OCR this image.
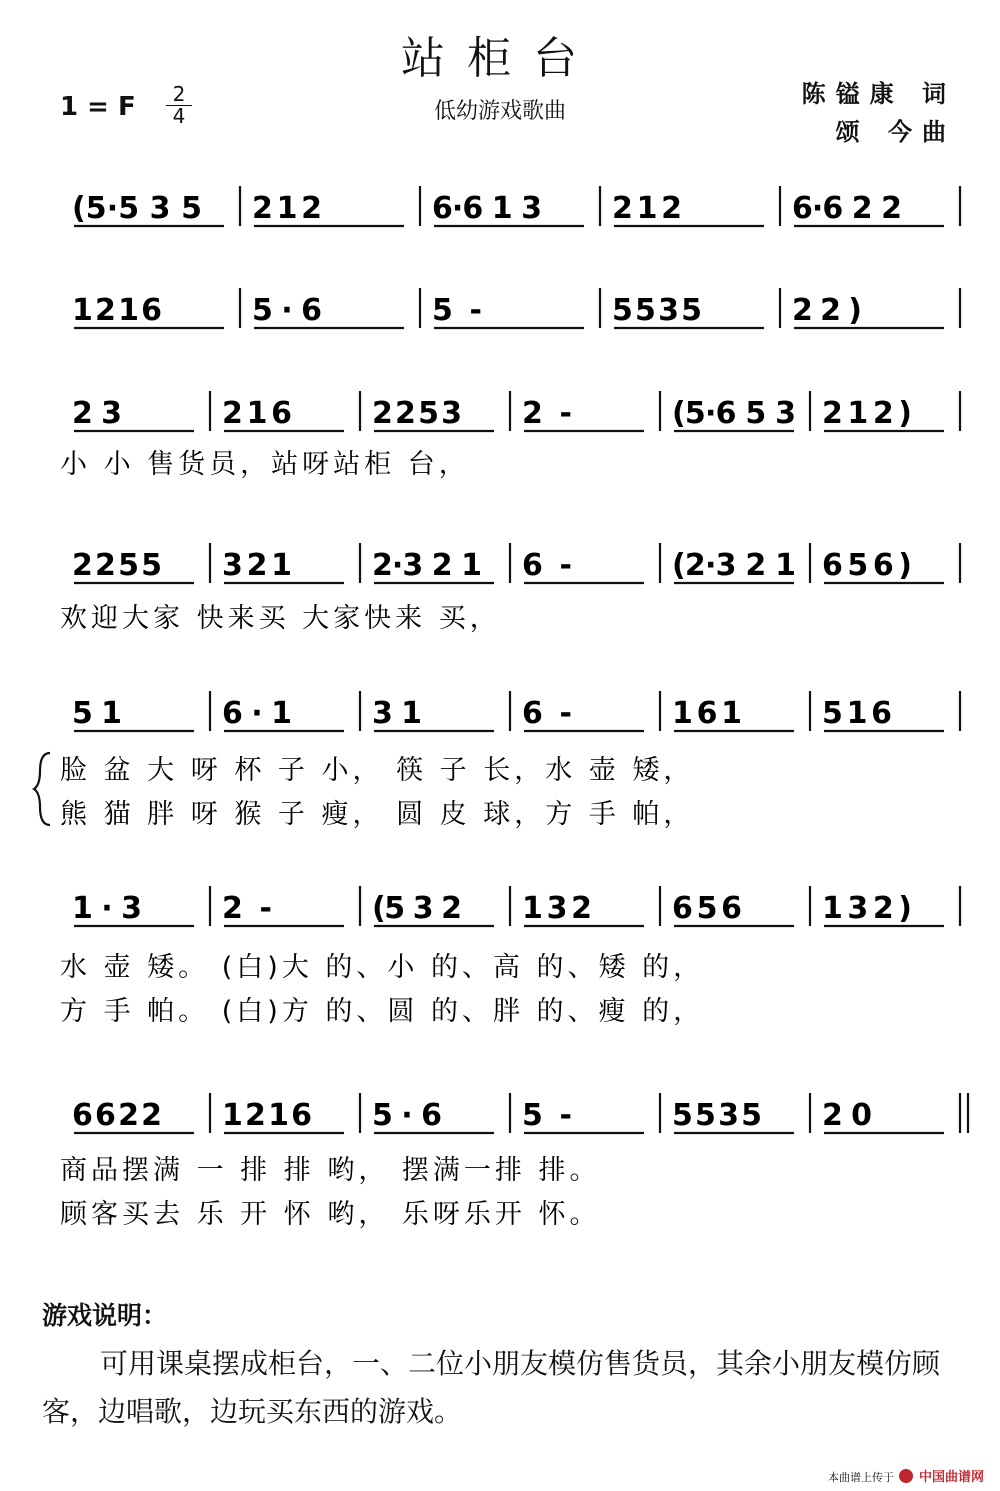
站柜台
1 = F	2
4	低幼游戏歌曲
陈镒康 词
颂 今曲
(5·5 3 5 2 1 2	6·6 1 3 2 1 2	6·6 2 2
1 2 1 6	5 · 6	5 -	5 5 3 5	2 2 )
2 3	2 1 6	2 2 5 3 2 -	(5·6 5 3 2 1 2 )
小 小 售货员，站呀站柜 台，
2 2 5 5 3 2 1	2·3 2 1 6 -	(2·3 2 1 6 5 6 )
欢迎大家 快来买 大家快来 买，
5 1	6 · 1	3 1	6 -	1 6 1	5 1 6
脸 盆 大 呀 杯 子 小， 筷 子 长，水 壶 矮，
熊 猫 胖 呀 猴 子 瘦， 圆 皮 球，方 手 帕，
1 · 3	2 -	(5 3 2 1 3 2	6 5 6	1 3 2 )
水 壶 矮。 (白)大 的、小 的、高 的、矮 的，
方 手 帕。 (白)方 的、圆 的、胖 的、瘦 的，
6 6 2 2 1 2 1 6 5 · 6	5 -	5 5 3 5 2 0
商品摆满 一 排 排 哟， 摆满一排 排。
顾客买去 乐 开 怀 哟， 乐呀乐开 怀。
游戏说明：
可用课桌摆成柜台，一、二位小朋友模仿售货员，其余小朋友模仿顾客，边唱歌，边玩买东西的游戏。
本曲谱上传于 中国曲谱网
